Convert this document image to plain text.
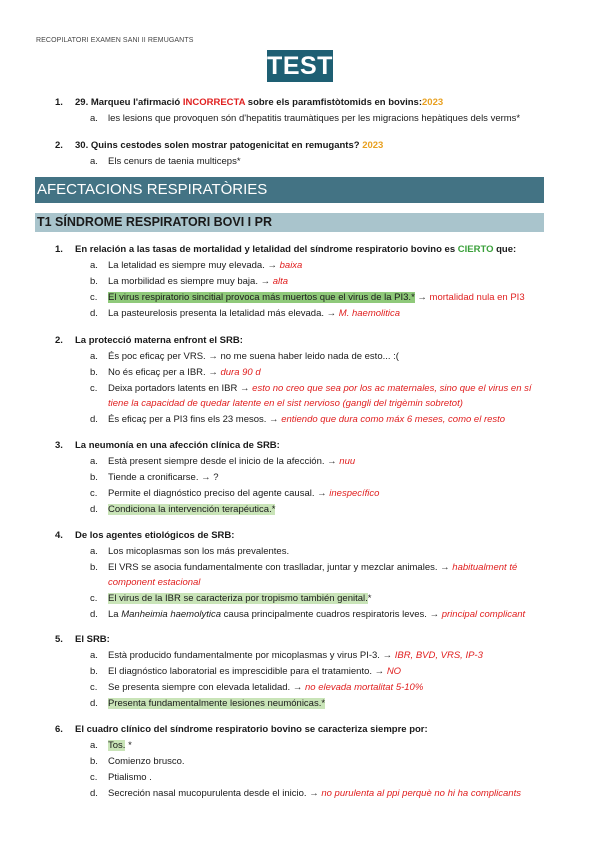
RECOPILATORI EXAMEN SANI II REMUGANTS
TEST
1. 29. Marqueu l'afirmació INCORRECTA sobre els paramfistòtomids en bovins:2023
a. les lesions que provoquen són d'hepatitis traumàtiques per les migracions hepàtiques dels verms*
2. 30. Quins cestodes solen mostrar patogenicitat en remugants? 2023
a. Els cenurs de taenia multiceps*
AFECTACIONS RESPIRATÒRIES
T1 SÍNDROME RESPIRATORI BOVI I PR
1. En relación a las tasas de mortalidad y letalidad del síndrome respiratorio bovino es CIERTO que:
a. La letalidad es siempre muy elevada. → baixa
b. La morbilidad es siempre muy baja. → alta
c. El virus respiratorio sincitial provoca más muertos que el virus de la PI3.* → mortalidad nula en PI3
d. La pasteurelosis presenta la letalidad más elevada. → M. haemolitica
2. La protecció materna enfront el SRB:
a. És poc eficaç per VRS. → no me suena haber leido nada de esto... :(
b. No és eficaç per a IBR. → dura 90 d
c. Deixa portadors latents en IBR → esto no creo que sea por los ac maternales, sino que el virus en sí
tiene la capacidad de quedar latente en el sist nervioso (gangli del trigèmin sobretot)
d. És eficaç per a PI3 fins els 23 mesos. → entiendo que dura como máx 6 meses, como el resto
3. La neumonía en una afección clínica de SRB:
a. Està present siempre desde el inicio de la afección. → nuu
b. Tiende a cronificarse. → ?
c. Permite el diagnóstico preciso del agente causal. → inespecífico
d. Condiciona la intervención terapéutica.*
4. De los agentes etiológicos de SRB:
a. Los micoplasmas son los más prevalentes.
b. El VRS se asocia fundamentalmente con traslladar, juntar y mezclar animales. → habitualment té
component estacional
c. El virus de la IBR se caracteriza por tropismo también genital.*
d. La Manheimia haemolytica causa principalmente cuadros respiratoris leves. → principal complicant
5. El SRB:
a. Està producido fundamentalmente por micoplasmas y virus PI-3. → IBR, BVD, VRS, IP-3
b. El diagnóstico laboratorial es imprescidible para el tratamiento. → NO
c. Se presenta siempre con elevada letalidad. → no elevada mortalitat 5-10%
d. Presenta fundamentalmente lesiones neumónicas.*
6. El cuadro clínico del síndrome respiratorio bovino se caracteriza siempre por:
a. Tos. *
b. Comienzo brusco.
c. Ptialismo .
d. Secreción nasal mucopurulenta desde el inicio. → no purulenta al ppi perquè no hi ha complicants
